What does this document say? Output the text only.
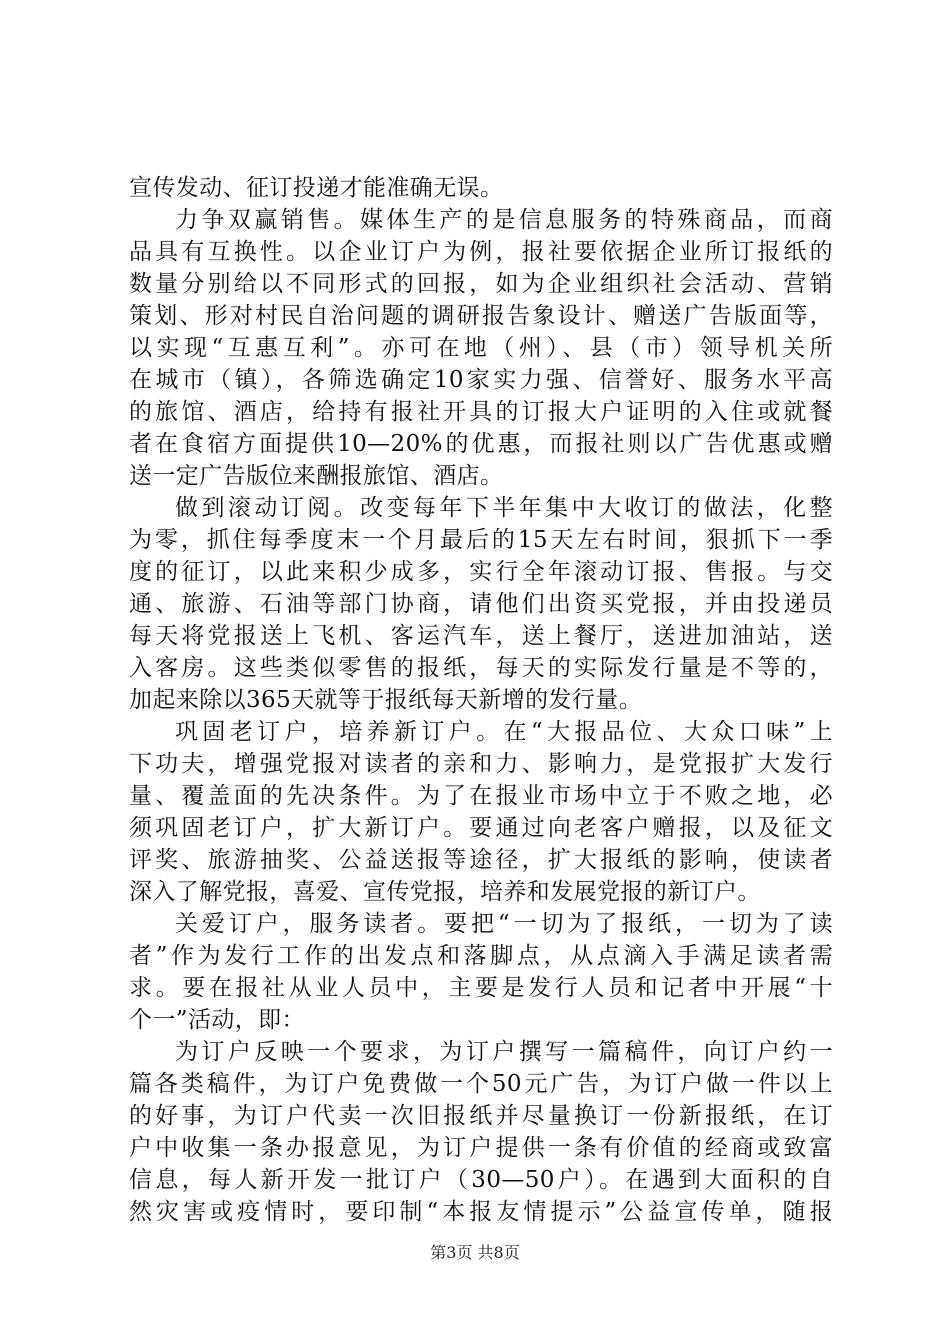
宣传发动、征订投递才能准确无误。
力争双赢销售。媒体生产的是信息服务的特殊商品，而商
品具有互换性。以企业订户为例，报社要依据企业所订报纸的
数量分别给以不同形式的回报，如为企业组织社会活动、营销
策划、形对村民自治问题的调研报告象设计、赠送广告版面等，
以实现“互惠互利”。亦可在地（州）、县（市）领导机关所
在城市（镇），各筛选确定10家实力强、信誉好、服务水平高
的旅馆、酒店，给持有报社开具的订报大户证明的入住或就餐
者在食宿方面提供10—20%的优惠，而报社则以广告优惠或赠
送一定广告版位来酬报旅馆、酒店。
做到滚动订阅。改变每年下半年集中大收订的做法，化整
为零，抓住每季度末一个月最后的15天左右时间，狠抓下一季
度的征订，以此来积少成多，实行全年滚动订报、售报。与交
通、旅游、石油等部门协商，请他们出资买党报，并由投递员
每天将党报送上飞机、客运汽车，送上餐厅，送进加油站，送
入客房。这些类似零售的报纸，每天的实际发行量是不等的，
加起来除以365天就等于报纸每天新增的发行量。
巩固老订户，培养新订户。在“大报品位、大众口味”上
下功夫，增强党报对读者的亲和力、影响力，是党报扩大发行
量、覆盖面的先决条件。为了在报业市场中立于不败之地，必
须巩固老订户，扩大新订户。要通过向老客户赠报，以及征文
评奖、旅游抽奖、公益送报等途径，扩大报纸的影响，使读者
深入了解党报，喜爱、宣传党报，培养和发展党报的新订户。
关爱订户，服务读者。要把“一切为了报纸，一切为了读
者”作为发行工作的出发点和落脚点，从点滴入手满足读者需
求。要在报社从业人员中，主要是发行人员和记者中开展“十
个一”活动，即：
为订户反映一个要求，为订户撰写一篇稿件，向订户约一
篇各类稿件，为订户免费做一个50元广告，为订户做一件以上
的好事，为订户代卖一次旧报纸并尽量换订一份新报纸，在订
户中收集一条办报意见，为订户提供一条有价值的经商或致富
信息，每人新开发一批订户（30—50户）。在遇到大面积的自
然灾害或疫情时，要印制“本报友情提示”公益宣传单，随报
第3页 共8页
